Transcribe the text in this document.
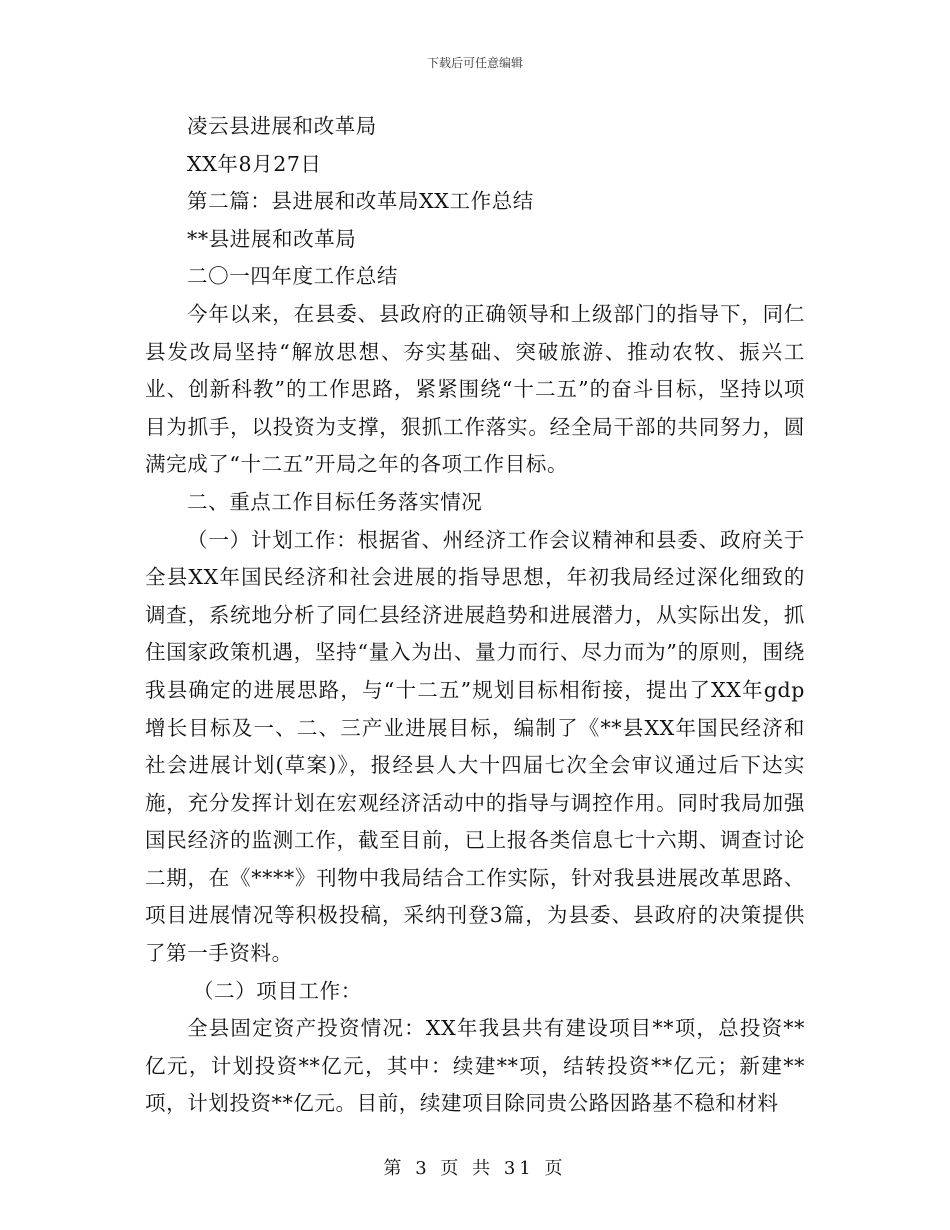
下载后可任意编辑

凌云县进展和改革局

XX年8月27日

第二篇：县进展和改革局XX工作总结

**县进展和改革局

二〇一四年度工作总结

今年以来，在县委、县政府的正确领导和上级部门的指导下，同仁县发改局坚持“解放思想、夯实基础、突破旅游、推动农牧、振兴工业、创新科教”的工作思路，紧紧围绕“十二五”的奋斗目标，坚持以项目为抓手，以投资为支撑，狠抓工作落实。经全局干部的共同努力，圆满完成了“十二五”开局之年的各项工作目标。

二、重点工作目标任务落实情况

（一）计划工作：根据省、州经济工作会议精神和县委、政府关于全县XX年国民经济和社会进展的指导思想，年初我局经过深化细致的调查，系统地分析了同仁县经济进展趋势和进展潜力，从实际出发，抓住国家政策机遇，坚持“量入为出、量力而行、尽力而为”的原则，围绕我县确定的进展思路，与“十二五”规划目标相衔接，提出了XX年gdp增长目标及一、二、三产业进展目标，编制了《**县XX年国民经济和社会进展计划(草案)》，报经县人大十四届七次全会审议通过后下达实施，充分发挥计划在宏观经济活动中的指导与调控作用。同时我局加强国民经济的监测工作，截至目前，已上报各类信息七十六期、调查讨论二期，在《****》刊物中我局结合工作实际，针对我县进展改革思路、项目进展情况等积极投稿，采纳刊登3篇，为县委、县政府的决策提供了第一手资料。

（二）项目工作：

全县固定资产投资情况：XX年我县共有建设项目**项，总投资**亿元，计划投资**亿元，其中：续建**项，结转投资**亿元；新建**项，计划投资**亿元。目前，续建项目除同贵公路因路基不稳和材料

第 3 页 共 31 页
